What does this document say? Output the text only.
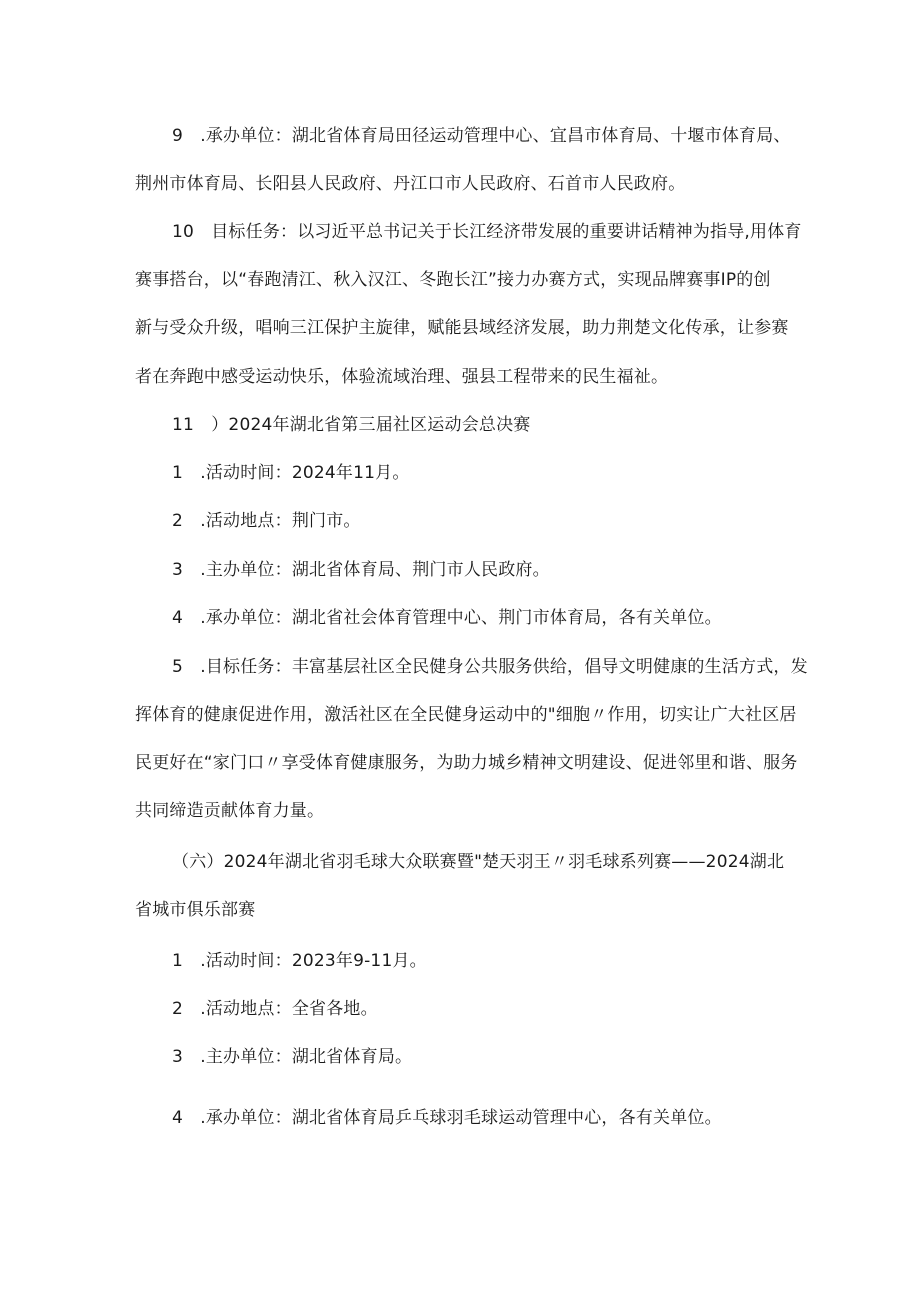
9　.承办单位：湖北省体育局田径运动管理中心、宜昌市体育局、十堰市体育局、
荆州市体育局、长阳县人民政府、丹江口市人民政府、石首市人民政府。
10　目标任务：以习近平总书记关于长江经济带发展的重要讲话精神为指导,用体育
赛事搭台，以“春跑清江、秋入汉江、冬跑长江”接力办赛方式，实现品牌赛事IP的创
新与受众升级，唱响三江保护主旋律，赋能县域经济发展，助力荆楚文化传承，让参赛
者在奔跑中感受运动快乐，体验流域治理、强县工程带来的民生福祉。
11　）2024年湖北省第三届社区运动会总决赛
1　.活动时间：2024年11月。
2　.活动地点：荆门市。
3　.主办单位：湖北省体育局、荆门市人民政府。
4　.承办单位：湖北省社会体育管理中心、荆门市体育局，各有关单位。
5　.目标任务：丰富基层社区全民健身公共服务供给，倡导文明健康的生活方式，发
挥体育的健康促进作用，激活社区在全民健身运动中的"细胞〃作用，切实让广大社区居
民更好在“家门口〃享受体育健康服务，为助力城乡精神文明建设、促进邻里和谐、服务
共同缔造贡献体育力量。
（六）2024年湖北省羽毛球大众联赛暨"楚天羽王〃羽毛球系列赛——2024湖北
省城市俱乐部赛
1　.活动时间：2023年9-11月。
2　.活动地点：全省各地。
3　.主办单位：湖北省体育局。
4　.承办单位：湖北省体育局乒乓球羽毛球运动管理中心，各有关单位。
